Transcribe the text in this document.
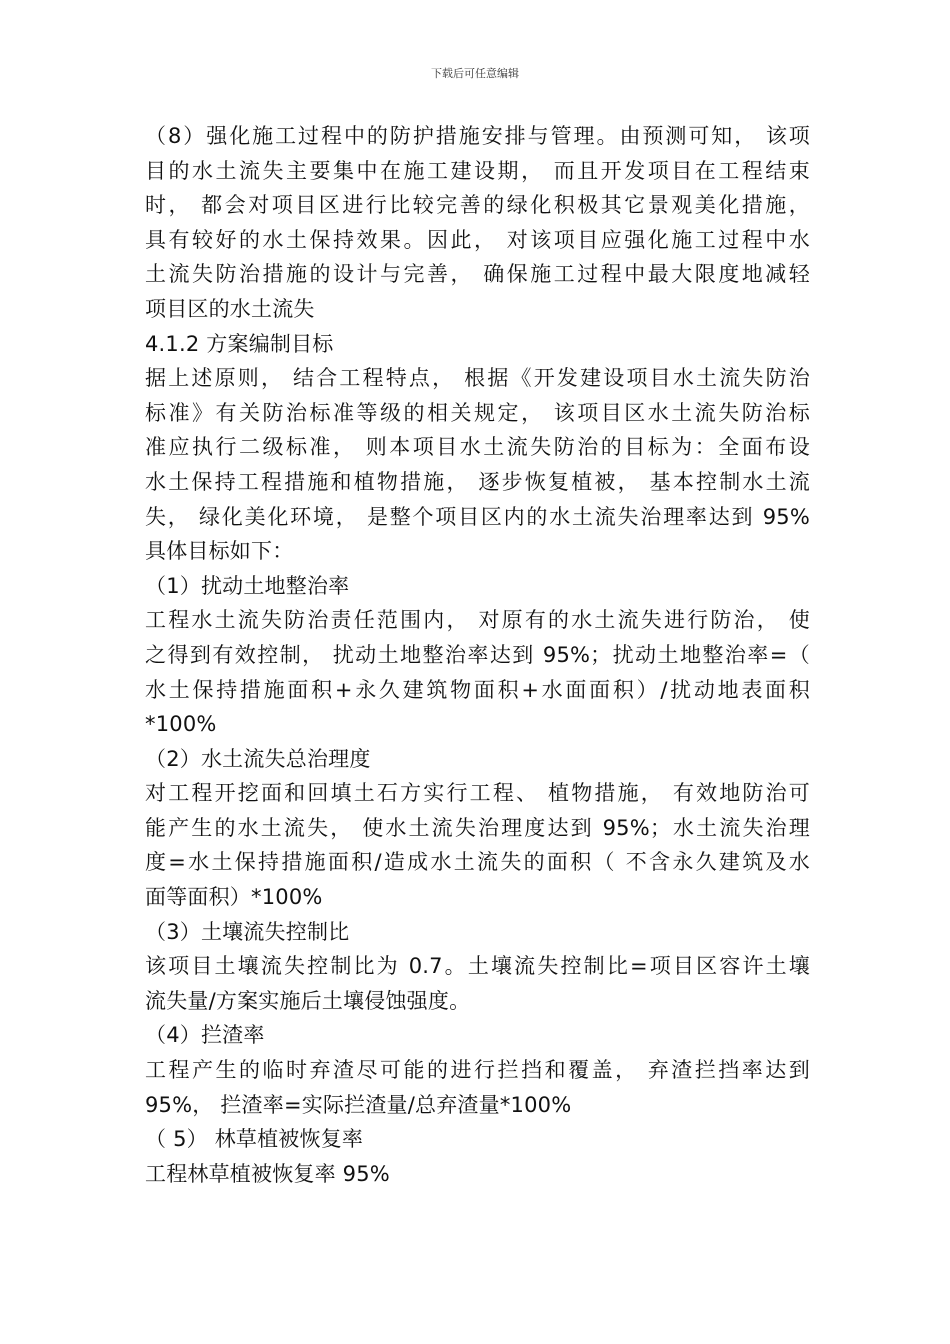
下载后可任意编辑
（8）强化施工过程中的防护措施安排与管理。由预测可知， 该项
目的水土流失主要集中在施工建设期， 而且开发项目在工程结束
时， 都会对项目区进行比较完善的绿化积极其它景观美化措施，
具有较好的水土保持效果。因此， 对该项目应强化施工过程中水
土流失防治措施的设计与完善， 确保施工过程中最大限度地减轻
项目区的水土流失
4.1.2 方案编制目标
据上述原则， 结合工程特点， 根据《开发建设项目水土流失防治
标准》有关防治标准等级的相关规定， 该项目区水土流失防治标
准应执行二级标准， 则本项目水土流失防治的目标为：全面布设
水土保持工程措施和植物措施， 逐步恢复植被， 基本控制水土流
失， 绿化美化环境， 是整个项目区内的水土流失治理率达到 95%
具体目标如下：
（1）扰动土地整治率
工程水土流失防治责任范围内， 对原有的水土流失进行防治， 使
之得到有效控制， 扰动土地整治率达到 95%；扰动土地整治率=（
水土保持措施面积+永久建筑物面积+水面面积）/扰动地表面积
*100%
（2）水土流失总治理度
对工程开挖面和回填土石方实行工程、 植物措施， 有效地防治可
能产生的水土流失， 使水土流失治理度达到 95%；水土流失治理
度=水土保持措施面积/造成水土流失的面积（ 不含永久建筑及水
面等面积）*100%
（3）土壤流失控制比
该项目土壤流失控制比为 0.7。土壤流失控制比=项目区容许土壤
流失量/方案实施后土壤侵蚀强度。
（4）拦渣率
工程产生的临时弃渣尽可能的进行拦挡和覆盖， 弃渣拦挡率达到
95%， 拦渣率=实际拦渣量/总弃渣量*100%
（ 5） 林草植被恢复率
工程林草植被恢复率 95%
